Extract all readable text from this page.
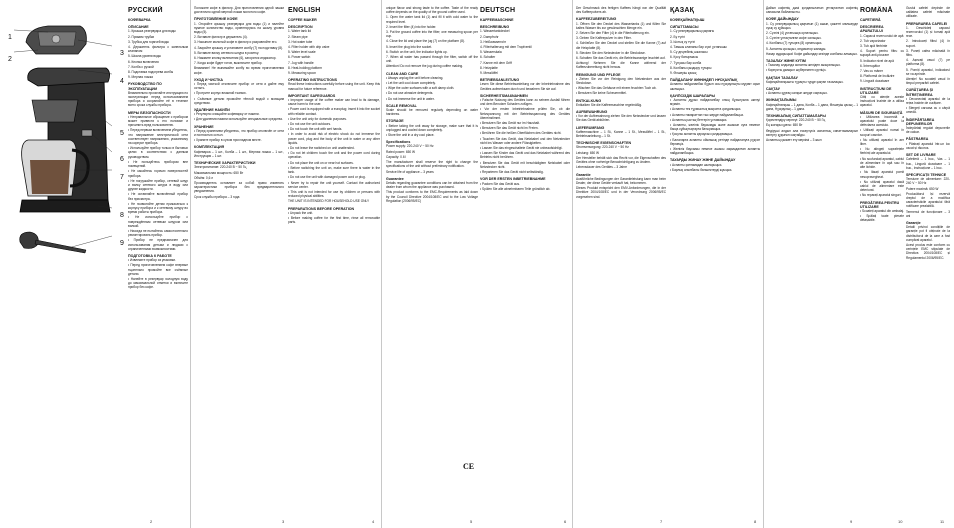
1
2
3
4
5
6
7
8
9
РУССКИЙ
КОФЕВАРКА
ОПИСАНИЕ
1. Крышка резервуара для воды
2. Прижим трубки
3. Трубка для горячей воды
4. Держатель фильтра с капельным клапаном
5. Шкала уровня воды
6. Кнопка включения
7. Колба с ручкой
8. Подставка подогрева колбы
9. Мерная ложка
РУКОВОДСТВО ПО ЭКСПЛУАТАЦИИ
Внимательно прочитайте инструкцию по эксплуатации перед использованием прибора и сохраняйте её в течение всего срока службы прибора.
МЕРЫ БЕЗОПАСНОСТИ
• Неправильное обращение с прибором может привести к его поломке и причинить вред пользователю.
• Перед первым включением убедитесь, что напряжение электрической сети соответствует напряжению, указанному на корпусе прибора.
• Используйте прибор только в бытовых целях в соответствии с данным руководством.
• Не пользуйтесь прибором вне помещений.
• Не касайтесь горячих поверхностей прибора.
• Не погружайте прибор, сетевой шнур и вилку сетевого шнура в воду или другие жидкости.
• Не оставляйте включённый прибор без присмотра.
• Не позволяйте детям прикасаться к корпусу прибора и к сетевому шнуру во время работы прибора.
• Не используйте прибор с повреждённым сетевым шнуром или вилкой.
• Никогда не пытайтесь самостоятельно ремонтировать прибор.
• Прибор не предназначен для использования детьми и людьми с ограниченными возможностями.
ПОДГОТОВКА К РАБОТЕ
• Извлеките прибор из упаковки.
• Перед приготовлением кофе впервые тщательно промойте все съёмные детали.
• Налейте в резервуар холодную воду до максимальной отметки и включите прибор без кофе.
Положите кофе в фильтр. Для приготовления одной чашки достаточно одной мерной ложки молотого кофе.
ПРИГОТОВЛЕНИЕ КОФЕ
1. Откройте крышку резервуара для воды (1) и налейте нужное количество воды, ориентируясь на шкалу уровня воды (5).
2. Вставьте фильтр в держатель (4).
3. Насыпьте молотый кофе в фильтр и разровняйте его.
4. Закройте крышку и установите колбу (7) на подставку (8).
5. Вставьте вилку сетевого шнура в розетку.
6. Нажмите кнопку включения (6), загорится индикатор.
7. Когда кофе будет готов, выключите прибор.
Внимание! Не вынимайте колбу во время приготовления кофе.
УХОД И ЧИСТКА
• Перед чисткой отключите прибор от сети и дайте ему остыть.
• Протрите корпус влажной тканью.
• Съёмные детали промойте тёплой водой с моющим средством.
УДАЛЕНИЕ НАКИПИ
• Регулярно очищайте кофеварку от накипи.
• Для удаления накипи используйте специальные средства.
ХРАНЕНИЕ
• Перед хранением убедитесь, что прибор отключён от сети и полностью остыл.
• Храните прибор в сухом прохладном месте.
КОМПЛЕКТАЦИЯ
Кофеварка – 1 шт., Колба – 1 шт., Мерная ложка – 1 шт., Инструкция – 1 шт.
ТЕХНИЧЕСКИЕ ХАРАКТЕРИСТИКИ
Электропитание: 220-240 В ~ 50 Гц
Максимальная мощность: 650 Вт
Объём: 0,6 л
Производитель оставляет за собой право изменять характеристики прибора без предварительного уведомления.
Срок службы прибора – 3 года
ENGLISH
COFFEE MAKER
DESCRIPTION
1. Water tank lid
2. Steam pipe
3. Hot water tube
4. Filter holder with drip valve
5. Water level scale
6. Power switch
7. Jug with handle
8. Heat-holding platform
9. Measuring spoon
OPERATING INSTRUCTIONS
Read these instructions carefully before using the unit. Keep this manual for future reference.
IMPORTANT SAFEGUARDS
• Improper usage of the coffee maker can lead to its damage, cause harm to the user.
• Power cord is equipped with a europlug; insert it into the socket with reliable contact.
• Use the unit only for domestic purposes.
• Do not use the unit outdoors.
• Do not touch the unit with wet hands.
• In order to avoid risk of electric shock do not immerse the power cord, plug and the body of the unit in water or any other liquids.
• Do not leave the switched on unit unattended.
• Do not let children touch the unit and the power cord during operation.
• Do not place the unit on or near hot surfaces.
• Before switching the unit on, make sure there is water in the tank.
• Do not use the unit with damaged power cord or plug.
• Never try to repair the unit yourself. Contact the authorized service center.
• This unit is not intended for use by children or persons with reduced physical abilities.
THE UNIT IS INTENDED FOR HOUSEHOLD USE ONLY
PREPARATIONS BEFORE OPERATION
• Unpack the unit.
• Before making coffee for the first time, rinse all removable parts.
unique flavor and strong taste to the coffee. Taste of the ready coffee depends on the quality of the ground coffee used.
1. Open the water tank lid (1) and fill it with cold water to the required level.
2. Insert the filter (4) into the holder.
3. Put the ground coffee into the filter; one measuring spoon per cup.
4. Close the lid and place the jug (7) on the platform (8).
5. Insert the plug into the socket.
6. Switch on the unit, the indicator lights up.
7. When all water has passed through the filter, switch off the unit.
Attention! Do not remove the jug during coffee making.
CLEAN AND CARE
• Always unplug the unit before cleaning.
• Let the unit cool down completely.
• Wipe the outer surfaces with a soft damp cloth.
• Do not use abrasive detergents.
• Do not immerse the unit in water.
SCALE REMOVAL
Scale should be removed regularly depending on water hardness.
STORAGE
• Before taking the unit away for storage, make sure that it is unplugged and cooled down completely.
• Store the unit in a dry cool place.
Specifications
Power supply: 220-240 V ~ 50 Hz
Rated power: 650 W
Capacity: 0.6 l
The manufacturer shall reserve the right to change the specifications of the unit without preliminary notification.
Service life of appliance – 3 years
Guarantee
Details regarding guarantee conditions can be obtained from the dealer from whom the appliance was purchased.
This product conforms to the EMC-Requirements as laid down by the Council Directive 2004/108/EC and to the Low Voltage Regulation (2006/95/EC)
DEUTSCH
KAFFEEMASCHINE
BESCHREIBUNG
1. Wassertankdeckel
2. Dampfrohr
3. Heißwasserrohr
4. Filterhalterung mit dem Tropfventil
5. Wasserskala
6. Schalter
7. Kanne mit dem Griff
8. Heizplatte
9. Messlöffel
BETRIEBSANLEITUNG
Lesen Sie diese Betriebsanleitung vor der Inbetriebnahme des Gerätes aufmerksam durch und bewahren Sie sie auf.
SICHERHEITSMAßNAHMEN
• Falsche Nutzung des Gerätes kann zu seinem Ausfall führen und dem Benutzer Schaden zufügen.
• Vor der ersten Inbetriebnahme prüfen Sie, ob die Netzspannung mit der Betriebsspannung des Gerätes übereinstimmt.
• Benutzen Sie das Gerät nur im Haushalt.
• Benutzen Sie das Gerät nicht im Freien.
• Berühren Sie die heißen Oberflächen des Gerätes nicht.
• Tauchen Sie das Gerät, das Netzkabel und den Netzstecker nicht ins Wasser oder andere Flüssigkeiten.
• Lassen Sie das eingeschaltete Gerät nie unbeaufsichtigt.
• Lassen Sie Kinder das Gerät und das Netzkabel während des Betriebs nicht berühren.
• Benutzen Sie das Gerät mit beschädigtem Netzkabel oder Netzstecker nicht.
• Reparieren Sie das Gerät nicht selbständig.
VOR DER ERSTEN INBETRIEBNAHME
• Packen Sie das Gerät aus.
• Spülen Sie alle abnehmbaren Teile gründlich ab.
Der Geschmack des fertigen Kaffees hängt von der Qualität des Kaffeepulvers ab.
KAFFEEZUBEREITUNG
1. Öffnen Sie den Deckel des Wassertanks (1) und füllen Sie kaltes Wasser bis zur gewünschten Menge ein.
2. Setzen Sie den Filter (4) in die Filterhalterung ein.
3. Geben Sie Kaffeepulver in den Filter.
4. Schließen Sie den Deckel und stellen Sie die Kanne (7) auf die Heizplatte (8).
5. Stecken Sie den Netzstecker in die Steckdose.
6. Schalten Sie das Gerät ein, die Betriebsanzeige leuchtet auf.
Achtung! Nehmen Sie die Kanne während der Kaffeezubereitung nicht heraus.
REINIGUNG UND PFLEGE
• Ziehen Sie vor der Reinigung den Netzstecker aus der Steckdose.
• Wischen Sie das Gehäuse mit einem feuchten Tuch ab.
• Benutzen Sie keine Scheuermittel.
ENTKALKUNG
Entkalken Sie die Kaffeemaschine regelmäßig.
AUFBEWAHRUNG
• Vor der Aufbewahrung ziehen Sie den Netzstecker und lassen Sie das Gerät abkühlen.
LIEFERUMFANG
Kaffeemaschine – 1 St., Kanne – 1 St., Messlöffel – 1 St., Betriebsanleitung – 1 St.
TECHNISCHE EIGENSCHAFTEN
Stromversorgung: 220-240 V ~ 50 Hz
Leistung: 650 W
Der Hersteller behält sich das Recht vor, die Eigenschaften des Gerätes ohne vorherige Benachrichtigung zu ändern.
Lebensdauer des Gerätes – 3 Jahre
Garantie
Ausführliche Bedingungen der Garantieleistung kann man beim Dealer, der diese Geräte verkauft hat, bekommen.
Dieses Produkt entspricht den EMV-Anforderungen, die in der Direktive 2004/108/EC und in der Verordnung 2006/95/EC vorgesehen sind.
ҚАЗАҚ
КОФЕҚАЙНАТҚЫШ
СИПАТТАМАСЫ
1. Су резервуарының қақпағы
2. Бу түтігі
3. Ыстық су түтігі
4. Тамшы клапаны бар сүзгі ұстағышы
5. Су деңгейінің шкаласы
6. Қосу батырмасы
7. Тұтқасы бар колба
8. Колбаны қыздыру тұғыры
9. Өлшеуіш қасық
ПАЙДАЛАНУ ЖӨНІНДЕГІ НҰСҚАУЛЫҚ
Аспапты пайдаланбас бұрын осы нұсқаулықты мұқият оқып шығыңыз.
ҚАУІПСІЗДІК ШАРАЛАРЫ
• Аспапты дұрыс пайдаланбау оның бұзылуына әкелуі мүмкін.
• Аспапты тек тұрмыстық мақсатта қолданыңыз.
• Аспапты ғимараттан тыс жерде пайдаланбаңыз.
• Аспаптың ыстық беттерін ұстамаңыз.
• Аспапты, желілік баусымды және ашасын суға немесе басқа сұйықтықтарға батырмаңыз.
• Қосулы аспапты қараусыз қалдырмаңыз.
• Балаларға аспапты ойыншық ретінде пайдалануға рұқсат бермеңіз.
• Желілік баусымы немесе ашасы зақымдалған аспапты пайдаланбаңыз.
ТАУАРДЫ ЖИНАУ ЖӘНЕ ДАЙЫНДАУ
• Аспапты қаптамадан шығарыңыз.
• Барлық алынбалы бөлшектерді жуыңыз.
Дайын кофенің дәмі қолданылатын ұнтақталған кофенің сапасына байланысты.
КОФЕ ДАЙЫНДАУ
1. Су резервуарының қақпағын (1) ашып, қажетті мөлшерде суық су құйыңыз.
2. Сүзгіні (4) ұстағышқа орнатыңыз.
3. Сүзгіге ұнтақталған кофе салыңыз.
4. Колбаны (7) тұғырға (8) орнатыңыз.
5. Аспапты қосыңыз, индикатор жанады.
Назар аударыңыз! Кофе дайындау кезінде колбаны алмаңыз.
ТАЗАЛАУ ЖӘНЕ КҮТІМ
• Тазалау алдында аспапты желіден ажыратыңыз.
• Корпусты дымқыл шүберекпен сүртіңіз.
ҚАҚТАН ТАЗАЛАУ
Кофеқайнатқышты тұрақты түрде қақтан тазалаңыз.
САҚТАУ
• Аспапты құрғақ салқын жерде сақтаңыз.
ЖИНАҚТАЛЫМЫ
Кофеқайнатқыш – 1 дана, Колба – 1 дана, Өлшеуіш қасық – 1 дана, Нұсқаулық – 1 дана.
ТЕХНИКАЛЫҚ СИПАТТАМАЛАРЫ
Қоректендіру кернеуі: 220-240 В ~ 50 Гц
Ең жоғары қуаты: 650 Вт
Өндіруші алдын ала ескертусіз аспаптың сипаттамаларын өзгерту құқығын сақтайды.
Аспаптың қызмет ету мерзімі – 3 жыл
ROMÂNĂ
CAFETIERĂ
DESCRIEREA APARATULUI
1. Capacul rezervorului de apă
2. Tub vaporizator
3. Tub apă fierbinte
4. Suport pentru filtru cu supapă anti-picurare
5. Indicator nivel de apă
6. Întrerupător
7. Vas cu mâner
8. Platformă de încălzire
9. Lingură dozatoare
INSTRUCȚIUNI DE UTILIZARE
Citiți cu atenție aceste instrucțiuni înainte de a utiliza aparatul.
MĂSURI DE SIGURANȚĂ
• Utilizarea incorectă a aparatului poate duce la defectarea acestuia.
• Utilizați aparatul numai în scopuri casnice.
• Nu utilizați aparatul în aer liber.
• Nu atingeți suprafețele fierbinți ale aparatului.
• Nu scufundați aparatul, cablul de alimentare în apă sau în alte lichide.
• Nu lăsați aparatul pornit nesupravegheat.
• Nu utilizați aparatul dacă cablul de alimentare este deteriorat.
• Nu reparați aparatul singuri.
PREGĂTIREA PENTRU UTILIZARE
• Scoateți aparatul din ambalaj.
• Spălați toate piesele detașabile.
Gustul cafelei depinde de calitatea cafelei măcinate utilizate.
PREPARAREA CAFELEI
1. Deschideți capacul rezervorului (1) și turnați apă rece.
2. Introduceți filtrul (4) în suport.
3. Puneți cafea măcinată în filtru.
4. Așezați vasul (7) pe platforma (8).
5. Porniți aparatul, indicatorul se va aprinde.
Atenție! Nu scoateți vasul în timpul preparării cafelei.
CURĂȚAREA ȘI ÎNTREȚINEREA
• Deconectați aparatul de la rețea înainte de curățare.
• Ștergeți carcasa cu o cârpă umedă.
ÎNDEPĂRTAREA DEPUNERILOR
Îndepărtați regulat depunerile de calcar.
PĂSTRAREA
• Păstrați aparatul într-un loc uscat și răcoros.
SET DE LIVRARE
Cafetieră – 1 buc., Vas – 1 buc., Lingură dozatoare – 1 buc., Instrucțiune – 1 buc.
SPECIFICAȚII TEHNICE
Tensiune de alimentare: 220-240 V ~ 50 Hz
Putere maximă: 650 W
Producătorul își rezervă dreptul de a modifica caracteristicile aparatului fără notificare prealabilă.
Termenul de funcționare – 3 ani
Garanție
Detalii privind condițiile de garanție pot fi obținute de la distribuitorul de la care a fost cumpărat aparatul.
Acest produs este conform cu cerințele EMC stipulate de Directiva 2004/108/EC și Regulamentul 2006/95/EC.
CE
2	3	4	5	6	7	8	9	10	11
